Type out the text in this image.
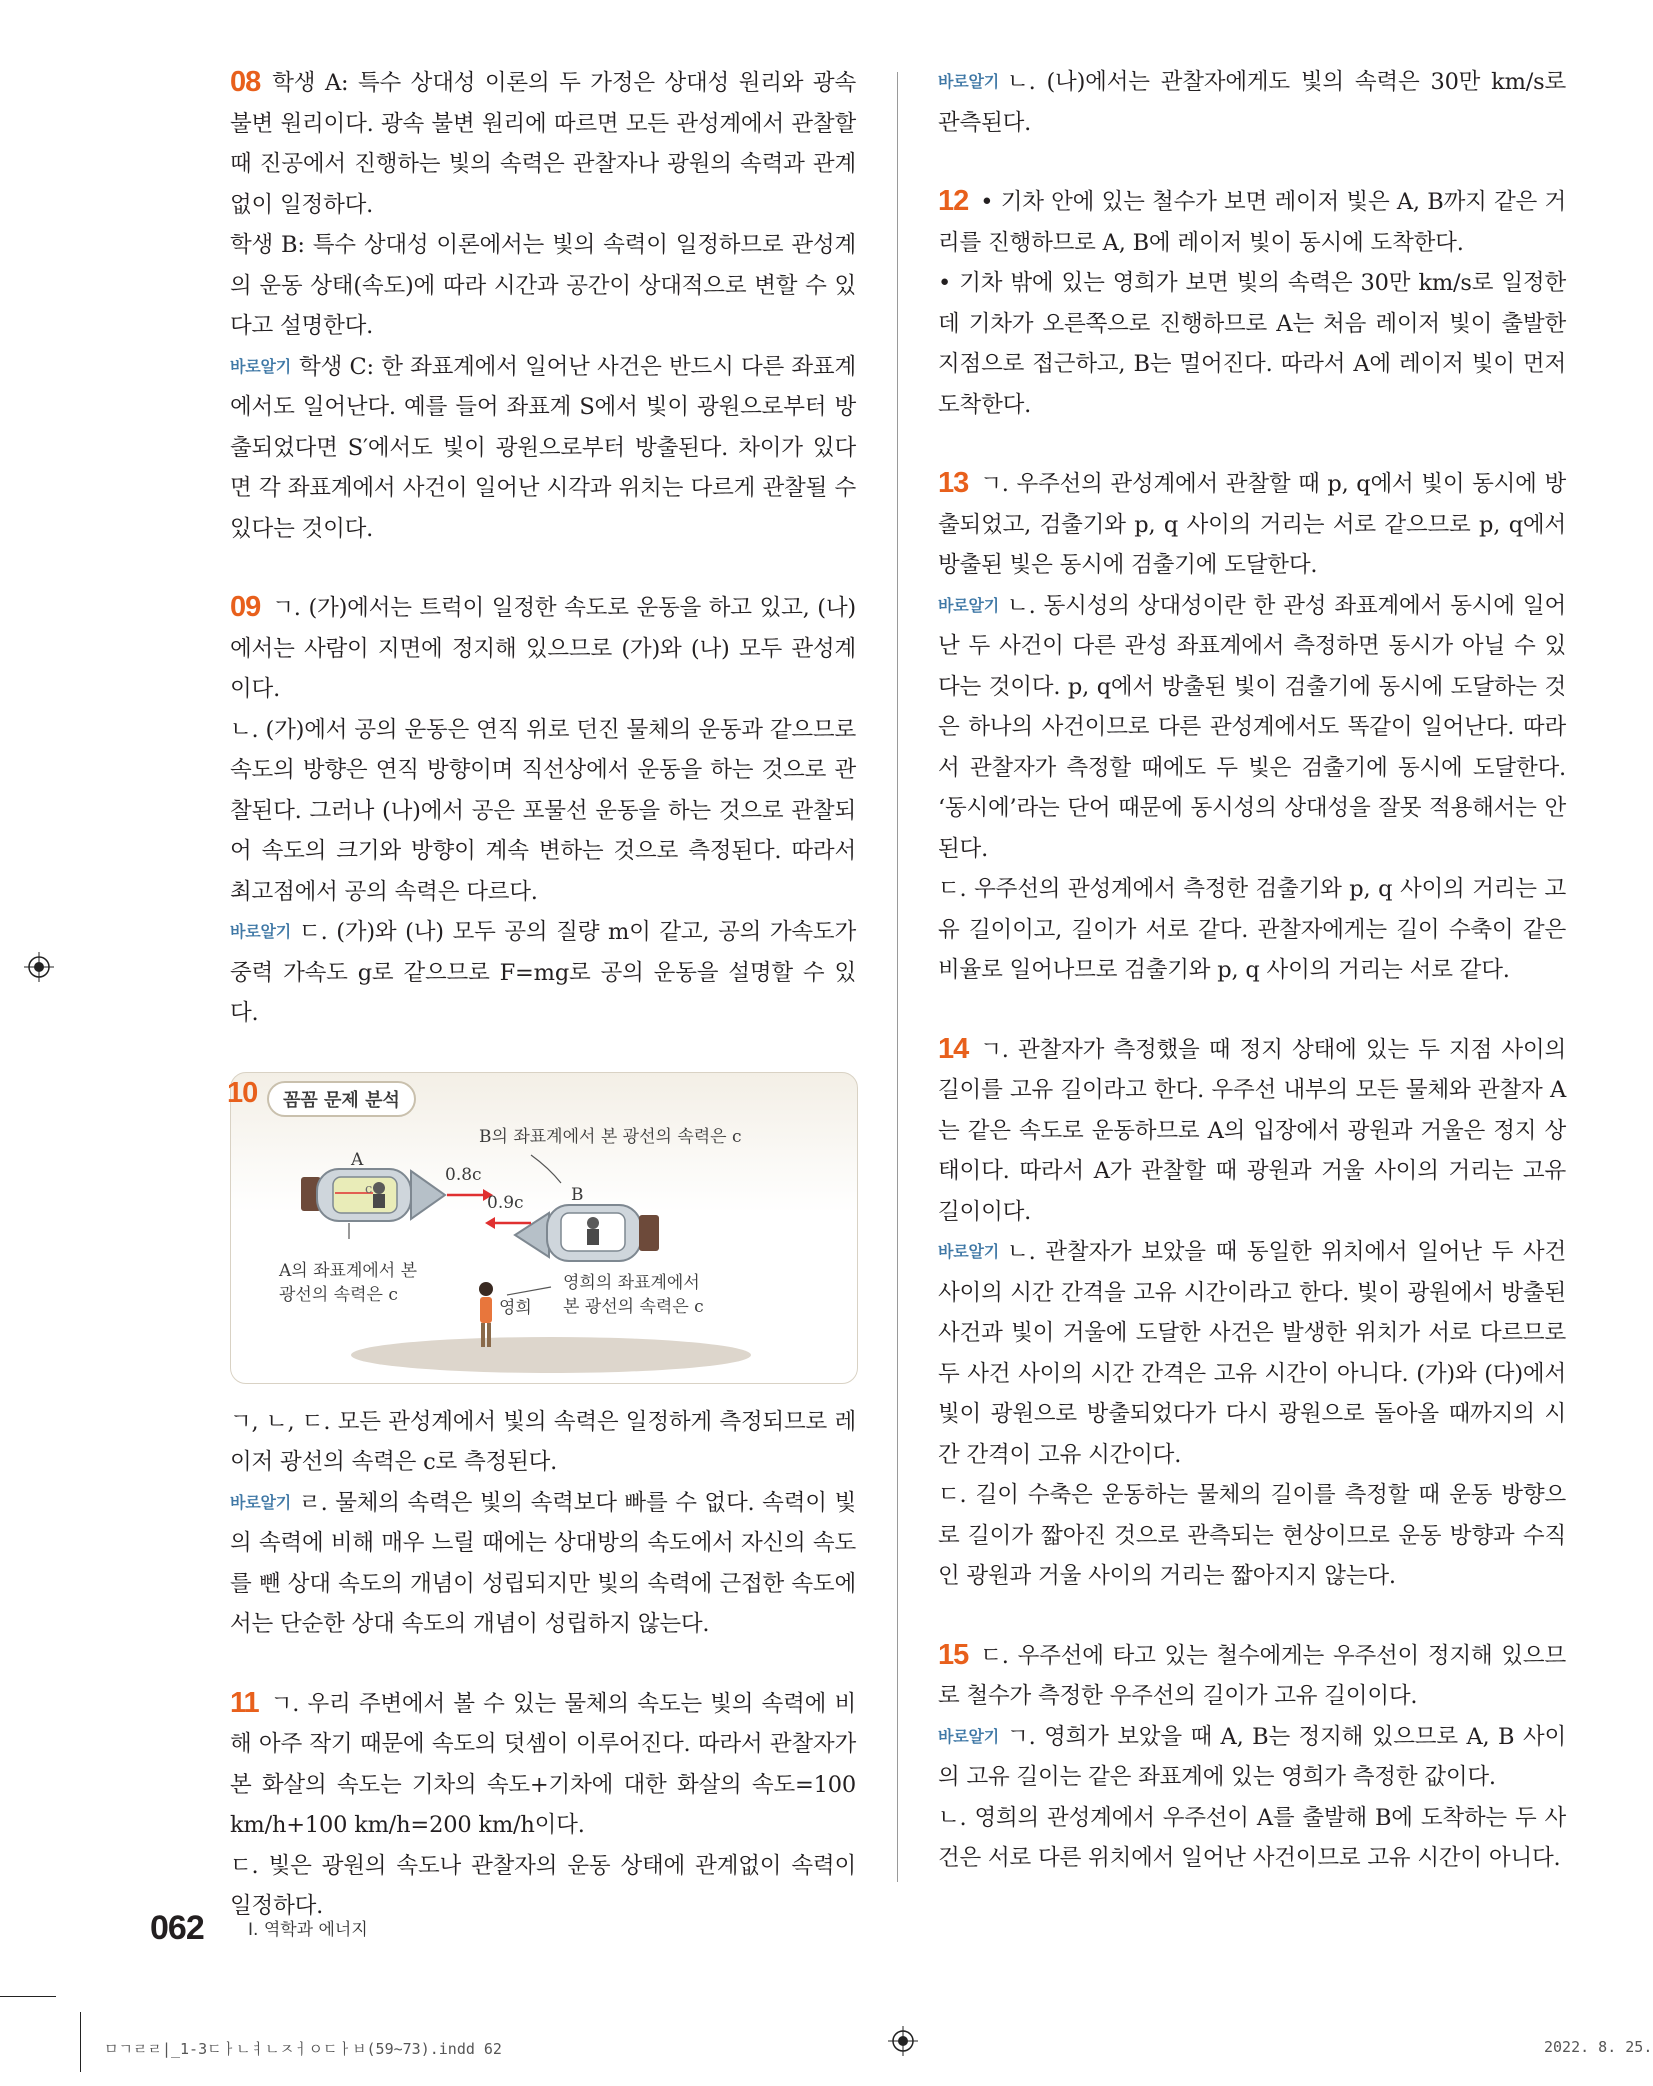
08 학생 A: 특수 상대성 이론의 두 가정은 상대성 원리와 광속 불변 원리이다. 광속 불변 원리에 따르면 모든 관성계에서 관찰할 때 진공에서 진행하는 빛의 속력은 관찰자나 광원의 속력과 관계없이 일정하다.

학생 B: 특수 상대성 이론에서는 빛의 속력이 일정하므로 관성계의 운동 상태(속도)에 따라 시간과 공간이 상대적으로 변할 수 있다고 설명한다.

바로알기 학생 C: 한 좌표계에서 일어난 사건은 반드시 다른 좌표계에서도 일어난다. 예를 들어 좌표계 S에서 빛이 광원으로부터 방출되었다면 S′에서도 빛이 광원으로부터 방출된다. 차이가 있다면 각 좌표계에서 사건이 일어난 시각과 위치는 다르게 관찰될 수 있다는 것이다.

09 ㄱ. (가)에서는 트럭이 일정한 속도로 운동을 하고 있고, (나)에서는 사람이 지면에 정지해 있으므로 (가)와 (나) 모두 관성계이다.

ㄴ. (가)에서 공의 운동은 연직 위로 던진 물체의 운동과 같으므로 속도의 방향은 연직 방향이며 직선상에서 운동을 하는 것으로 관찰된다. 그러나 (나)에서 공은 포물선 운동을 하는 것으로 관찰되어 속도의 크기와 방향이 계속 변하는 것으로 측정된다. 따라서 최고점에서 공의 속력은 다르다.

바로알기 ㄷ. (가)와 (나) 모두 공의 질량 m이 같고, 공의 가속도가 중력 가속도 g로 같으므로 F=mg로 공의 운동을 설명할 수 있다.

10	꼼꼼 문제 분석
B의 좌표계에서 본 광선의 속력은 c
A
B
c
0.8c
0.9c
A의 좌표계에서 본
광선의 속력은 c
영희
영희의 좌표계에서
본 광선의 속력은 c

ㄱ, ㄴ, ㄷ. 모든 관성계에서 빛의 속력은 일정하게 측정되므로 레이저 광선의 속력은 c로 측정된다.

바로알기 ㄹ. 물체의 속력은 빛의 속력보다 빠를 수 없다. 속력이 빛의 속력에 비해 매우 느릴 때에는 상대방의 속도에서 자신의 속도를 뺀 상대 속도의 개념이 성립되지만 빛의 속력에 근접한 속도에서는 단순한 상대 속도의 개념이 성립하지 않는다.

11 ㄱ. 우리 주변에서 볼 수 있는 물체의 속도는 빛의 속력에 비해 아주 작기 때문에 속도의 덧셈이 이루어진다. 따라서 관찰자가 본 화살의 속도는 기차의 속도+기차에 대한 화살의 속도=100 km/h+100 km/h=200 km/h이다.

ㄷ. 빛은 광원의 속도나 관찰자의 운동 상태에 관계없이 속력이 일정하다.

바로알기 ㄴ. (나)에서는 관찰자에게도 빛의 속력은 30만 km/s로 관측된다.

12 • 기차 안에 있는 철수가 보면 레이저 빛은 A, B까지 같은 거리를 진행하므로 A, B에 레이저 빛이 동시에 도착한다.

• 기차 밖에 있는 영희가 보면 빛의 속력은 30만 km/s로 일정한데 기차가 오른쪽으로 진행하므로 A는 처음 레이저 빛이 출발한 지점으로 접근하고, B는 멀어진다. 따라서 A에 레이저 빛이 먼저 도착한다.

13 ㄱ. 우주선의 관성계에서 관찰할 때 p, q에서 빛이 동시에 방출되었고, 검출기와 p, q 사이의 거리는 서로 같으므로 p, q에서 방출된 빛은 동시에 검출기에 도달한다.

바로알기 ㄴ. 동시성의 상대성이란 한 관성 좌표계에서 동시에 일어난 두 사건이 다른 관성 좌표계에서 측정하면 동시가 아닐 수 있다는 것이다. p, q에서 방출된 빛이 검출기에 동시에 도달하는 것은 하나의 사건이므로 다른 관성계에서도 똑같이 일어난다. 따라서 관찰자가 측정할 때에도 두 빛은 검출기에 동시에 도달한다. ‘동시에’라는 단어 때문에 동시성의 상대성을 잘못 적용해서는 안 된다.

ㄷ. 우주선의 관성계에서 측정한 검출기와 p, q 사이의 거리는 고유 길이이고, 길이가 서로 같다. 관찰자에게는 길이 수축이 같은 비율로 일어나므로 검출기와 p, q 사이의 거리는 서로 같다.

14 ㄱ. 관찰자가 측정했을 때 정지 상태에 있는 두 지점 사이의 길이를 고유 길이라고 한다. 우주선 내부의 모든 물체와 관찰자 A는 같은 속도로 운동하므로 A의 입장에서 광원과 거울은 정지 상태이다. 따라서 A가 관찰할 때 광원과 거울 사이의 거리는 고유 길이이다.

바로알기 ㄴ. 관찰자가 보았을 때 동일한 위치에서 일어난 두 사건 사이의 시간 간격을 고유 시간이라고 한다. 빛이 광원에서 방출된 사건과 빛이 거울에 도달한 사건은 발생한 위치가 서로 다르므로 두 사건 사이의 시간 간격은 고유 시간이 아니다. (가)와 (다)에서 빛이 광원으로 방출되었다가 다시 광원으로 돌아올 때까지의 시간 간격이 고유 시간이다.

ㄷ. 길이 수축은 운동하는 물체의 길이를 측정할 때 운동 방향으로 길이가 짧아진 것으로 관측되는 현상이므로 운동 방향과 수직인 광원과 거울 사이의 거리는 짧아지지 않는다.

15 ㄷ. 우주선에 타고 있는 철수에게는 우주선이 정지해 있으므로 철수가 측정한 우주선의 길이가 고유 길이이다.

바로알기 ㄱ. 영희가 보았을 때 A, B는 정지해 있으므로 A, B 사이의 고유 길이는 같은 좌표계에 있는 영희가 측정한 값이다.

ㄴ. 영희의 관성계에서 우주선이 A를 출발해 B에 도착하는 두 사건은 서로 다른 위치에서 일어난 사건이므로 고유 시간이 아니다.

062	I. 역학과 에너지
ㅁㄱㄹㄹ|_1-3ㄷㅏㄴㅕㄴㅈㅓㅇㄷㅏㅂ(59~73).indd 62	2022. 8. 25.
